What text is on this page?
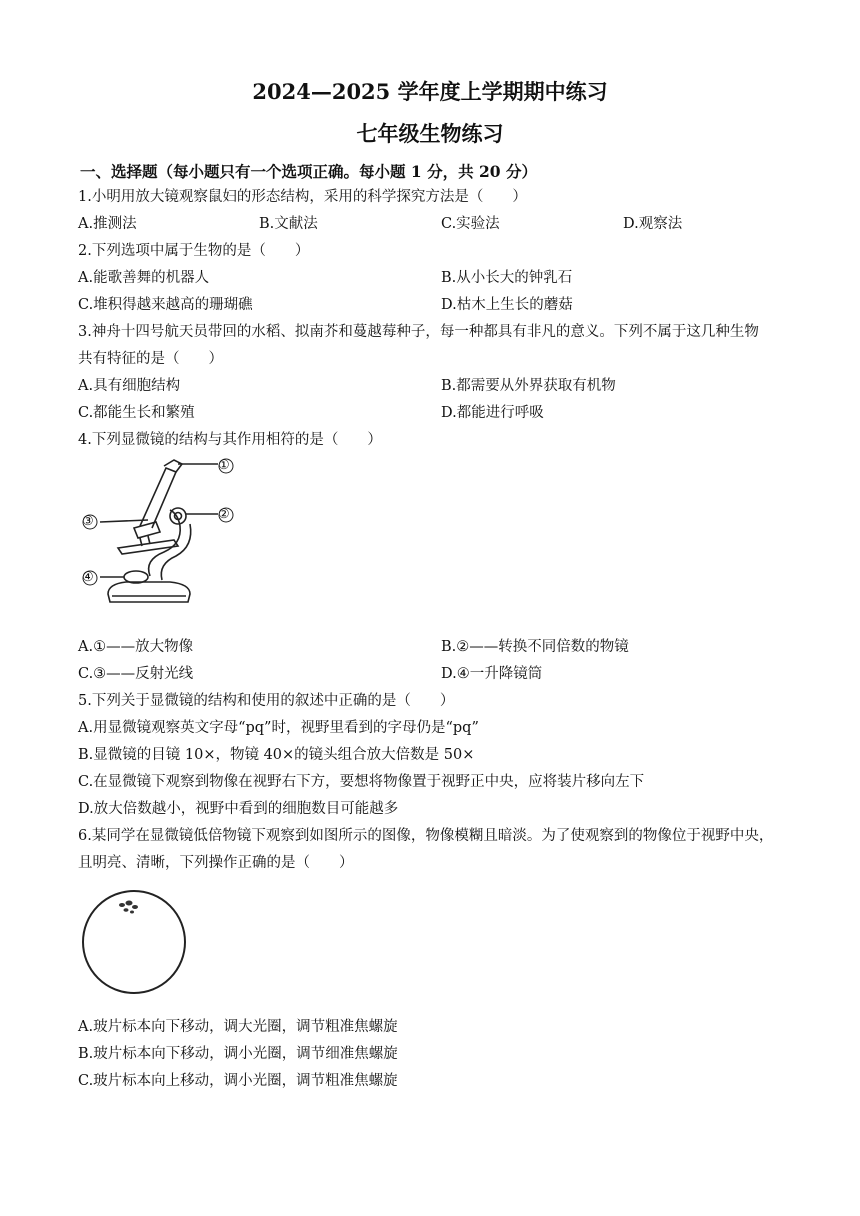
2024—2025 学年度上学期期中练习
七年级生物练习
一、选择题（每小题只有一个选项正确。每小题 1 分，共 20 分）
1.小明用放大镜观察鼠妇的形态结构，采用的科学探究方法是（　　）
A.推测法	B.文献法	C.实验法	D.观察法
2.下列选项中属于生物的是（　　）
A.能歌善舞的机器人	B.从小长大的钟乳石
C.堆积得越来越高的珊瑚礁	D.枯木上生长的蘑菇
3.神舟十四号航天员带回的水稻、拟南芥和蔓越莓种子，每一种都具有非凡的意义。下列不属于这几种生物
共有特征的是（　　）
A.具有细胞结构	B.都需要从外界获取有机物
C.都能生长和繁殖	D.都能进行呼吸
4.下列显微镜的结构与其作用相符的是（　　）
①
②
③
④
A.①——放大物像	B.②——转换不同倍数的物镜
C.③——反射光线	D.④一升降镜筒
5.下列关于显微镜的结构和使用的叙述中正确的是（　　）
A.用显微镜观察英文字母“pq”时，视野里看到的字母仍是“pq”
B.显微镜的目镜 10×，物镜 40×的镜头组合放大倍数是 50×
C.在显微镜下观察到物像在视野右下方，要想将物像置于视野正中央，应将装片移向左下
D.放大倍数越小，视野中看到的细胞数目可能越多
6.某同学在显微镜低倍物镜下观察到如图所示的图像，物像模糊且暗淡。为了使观察到的物像位于视野中央，
且明亮、清晰，下列操作正确的是（　　）
A.玻片标本向下移动，调大光圈，调节粗准焦螺旋
B.玻片标本向下移动，调小光圈，调节细准焦螺旋
C.玻片标本向上移动，调小光圈，调节粗准焦螺旋
